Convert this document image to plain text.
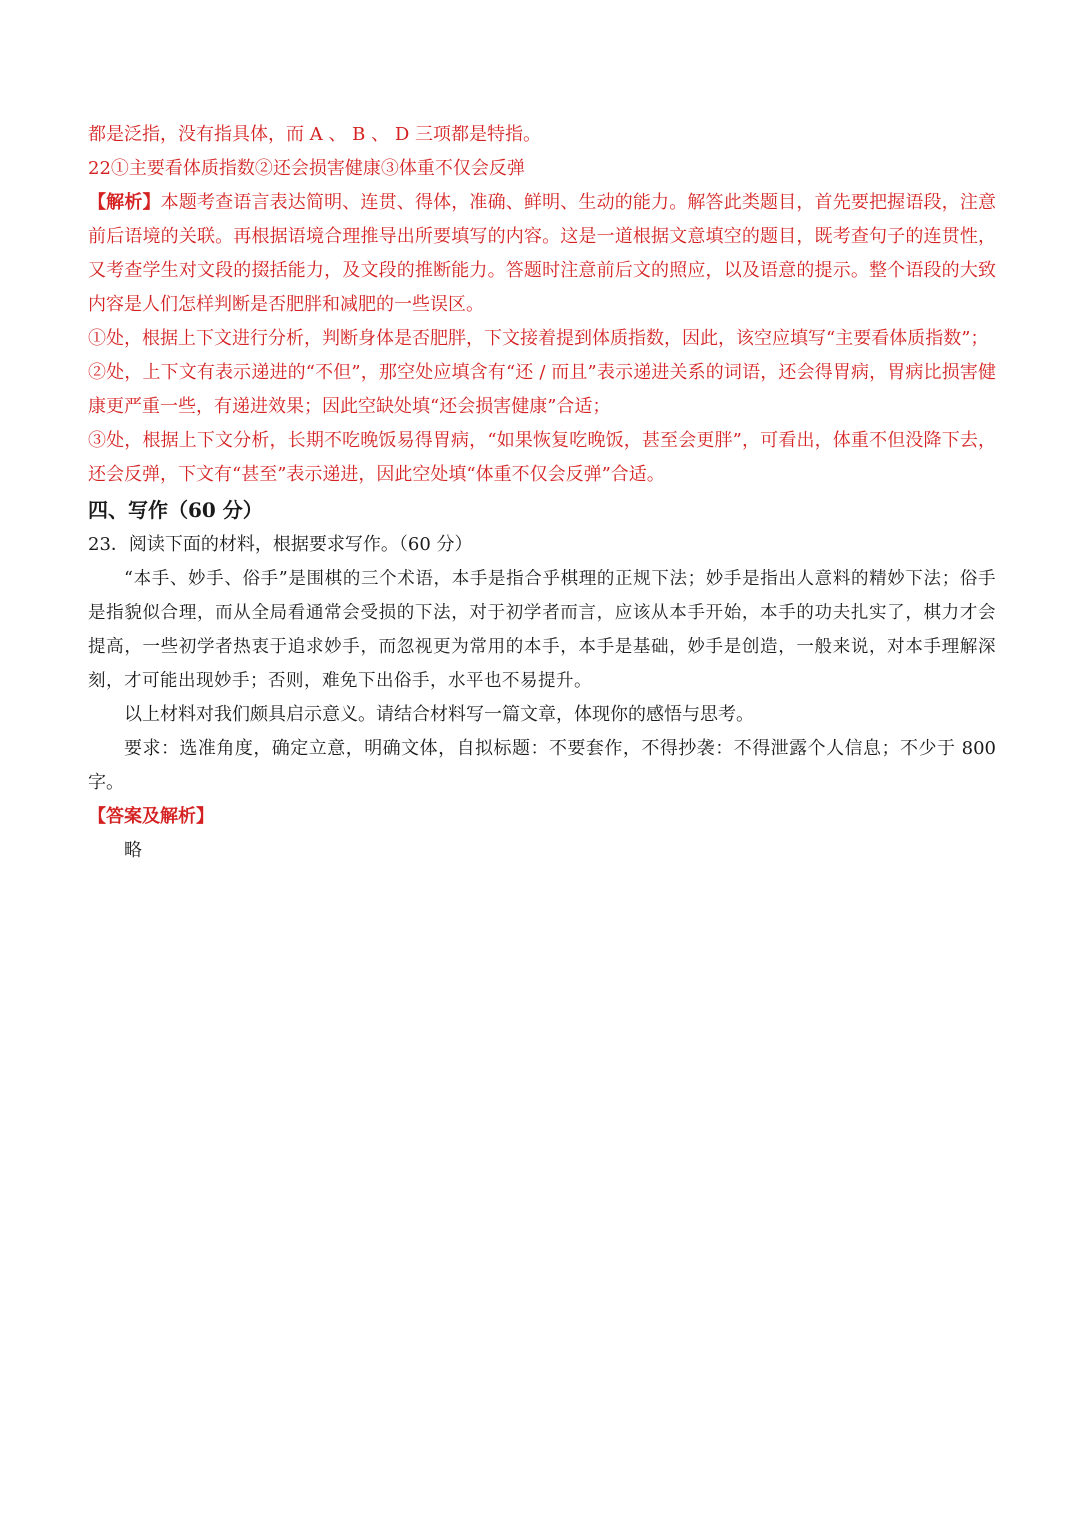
都是泛指，没有指具体，而 A 、 B 、 D 三项都是特指。
22①主要看体质指数②还会损害健康③体重不仅会反弹
【解析】本题考查语言表达简明、连贯、得体，准确、鲜明、生动的能力。解答此类题目，首先要把握语段，注意前后语境的关联。再根据语境合理推导出所要填写的内容。这是一道根据文意填空的题目，既考查句子的连贯性，又考查学生对文段的掇括能力，及文段的推断能力。答题时注意前后文的照应，以及语意的提示。整个语段的大致内容是人们怎样判断是否肥胖和减肥的一些误区。
①处，根据上下文进行分析，判断身体是否肥胖，下文接着提到体质指数，因此，该空应填写“主要看体质指数”；
②处，上下文有表示递进的“不但”，那空处应填含有“还 / 而且”表示递进关系的词语，还会得胃病，胃病比损害健康更严重一些，有递进效果；因此空缺处填“还会损害健康”合适；
③处，根据上下文分析，长期不吃晚饭易得胃病，“如果恢复吃晚饭，甚至会更胖”，可看出，体重不但没降下去，还会反弹，下文有“甚至”表示递进，因此空处填“体重不仅会反弹”合适。
四、写作（60 分）
23．阅读下面的材料，根据要求写作。（60 分）
“本手、妙手、俗手”是围棋的三个术语，本手是指合乎棋理的正规下法；妙手是指出人意料的精妙下法；俗手是指貌似合理，而从全局看通常会受损的下法，对于初学者而言，应该从本手开始，本手的功夫扎实了，棋力才会提高，一些初学者热衷于追求妙手，而忽视更为常用的本手，本手是基础，妙手是创造，一般来说，对本手理解深刻，才可能出现妙手；否则，难免下出俗手，水平也不易提升。
以上材料对我们颇具启示意义。请结合材料写一篇文章，体现你的感悟与思考。
要求：选准角度，确定立意，明确文体，自拟标题：不要套作，不得抄袭：不得泄露个人信息；不少于 800 字。
【答案及解析】
略
